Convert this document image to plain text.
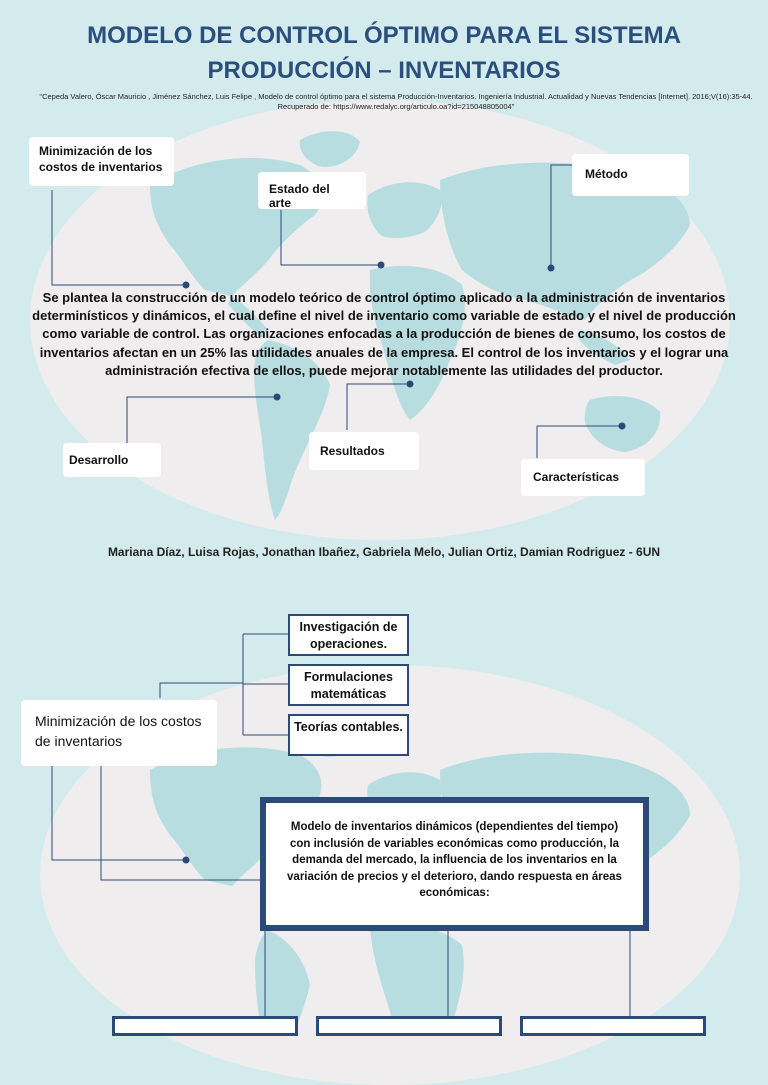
MODELO DE CONTROL ÓPTIMO PARA EL SISTEMA
PRODUCCIÓN – INVENTARIOS
"Cepeda Valero, Óscar Mauricio , Jiménez Sánchez, Luis Felipe , Modelo de control óptimo para el sistema Producción-Inventarios. Ingeniería Industrial. Actualidad y Nuevas Tendencias [Internet]. 2016;V(16):35-44. Recuperado de: https://www.redalyc.org/articulo.oa?id=215048805004"
Minimización de los costos de inventarios
Estado del arte
Método
Desarrollo
Resultados
Características
Se plantea la construcción de un modelo teórico de control óptimo aplicado a la administración de inventarios determinísticos y dinámicos, el cual define el nivel de inventario como variable de estado y el nivel de producción como variable de control. Las organizaciones enfocadas a la producción de bienes de consumo, los costos de inventarios afectan en un 25% las utilidades anuales de la empresa. El control de los inventarios y el lograr una administración efectiva de ellos, puede mejorar notablemente las utilidades del productor.
Mariana Díaz, Luisa Rojas, Jonathan Ibañez, Gabriela Melo, Julian Ortiz, Damian Rodriguez - 6UN
Minimización de los costos de inventarios
Investigación de operaciones.
Formulaciones matemáticas
Teorías contables.
Modelo de inventarios dinámicos (dependientes del tiempo) con inclusión de variables económicas como producción, la demanda del mercado, la influencia de los inventarios en la variación de precios y el deterioro, dando respuesta en áreas económicas:
